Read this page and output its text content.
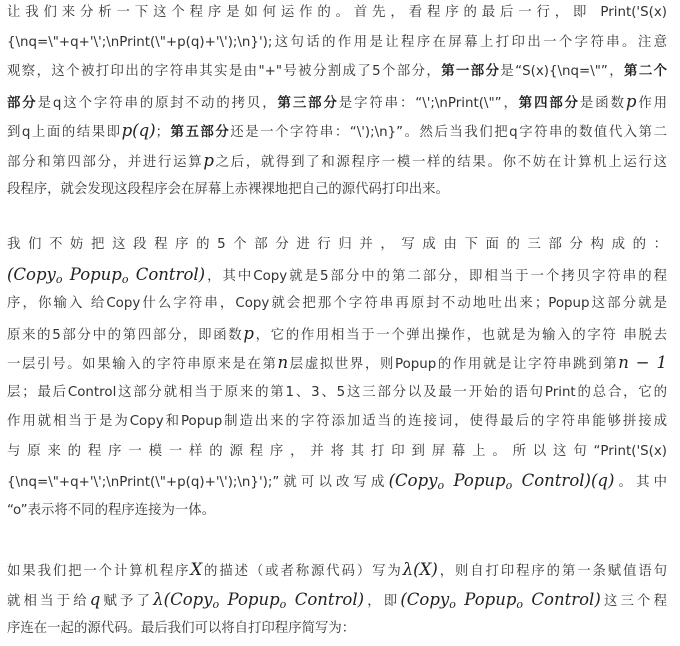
让我们来分析一下这个程序是如何运作的。首先，看程序的最后一行，即 Print('S(x)
{\nq=\"+q+'\';\nPrint(\"+p(q)+'\');\n}');这句话的作用是让程序在屏幕上打印出一个字符串。注意
观察，这个被打印出的字符串其实是由"+"号被分割成了5个部分，第一部分是“S(x){\nq=\"”，第二个
部分是q这个字符串的原封不动的拷贝，第三部分是字符串：“\';\nPrint(\"”，第四部分是函数p作用
到q上面的结果即p(q)；第五部分还是一个字符串：“\');\n}”。然后当我们把q字符串的数值代入第二
部分和第四部分，并进行运算p之后，就得到了和源程序一模一样的结果。你不妨在计算机上运行这
段程序，就会发现这段程序会在屏幕上赤裸裸地把自己的源代码打印出来。
我们不妨把这段程序的5个部分进行归并，写成由下面的三部分构成的：
(Copy$_o$ Popup$_o$ Control)，其中Copy就是5部分中的第二部分，即相当于一个拷贝字符串的程
序，你输入 给Copy什么字符串，Copy就会把那个字符串再原封不动地吐出来；Popup这部分就是
原来的5部分中的第四部分，即函数p，它的作用相当于一个弹出操作，也就是为输入的字符 串脱去
一层引号。如果输入的字符串原来是在第n层虚拟世界，则Popup的作用就是让字符串跳到第n − 1
层；最后Control这部分就相当于原来的第1、3、5这三部分以及最一开始的语句Print的总合，它的
作用就相当于是为Copy和Popup制造出来的字符添加适当的连接词，使得最后的字符串能够拼接成
与原来的程序一模一样的源程序，并将其打印到屏幕上。所以这句“Print('S(x)
{\nq=\"+q+'\';\nPrint(\"+p(q)+'\');\n}');”就可以改写成(Copy$_o$ Popup$_o$ Control)(q)。其中
“o”表示将不同的程序连接为一体。
如果我们把一个计算机程序X的描述（或者称源代码）写为λ(X)，则自打印程序的第一条赋值语句
就相当于给q赋予了λ(Copy$_o$ Popup$_o$ Control)，即(Copy$_o$ Popup$_o$ Control)这三个程
序连在一起的源代码。最后我们可以将自打印程序简写为：
